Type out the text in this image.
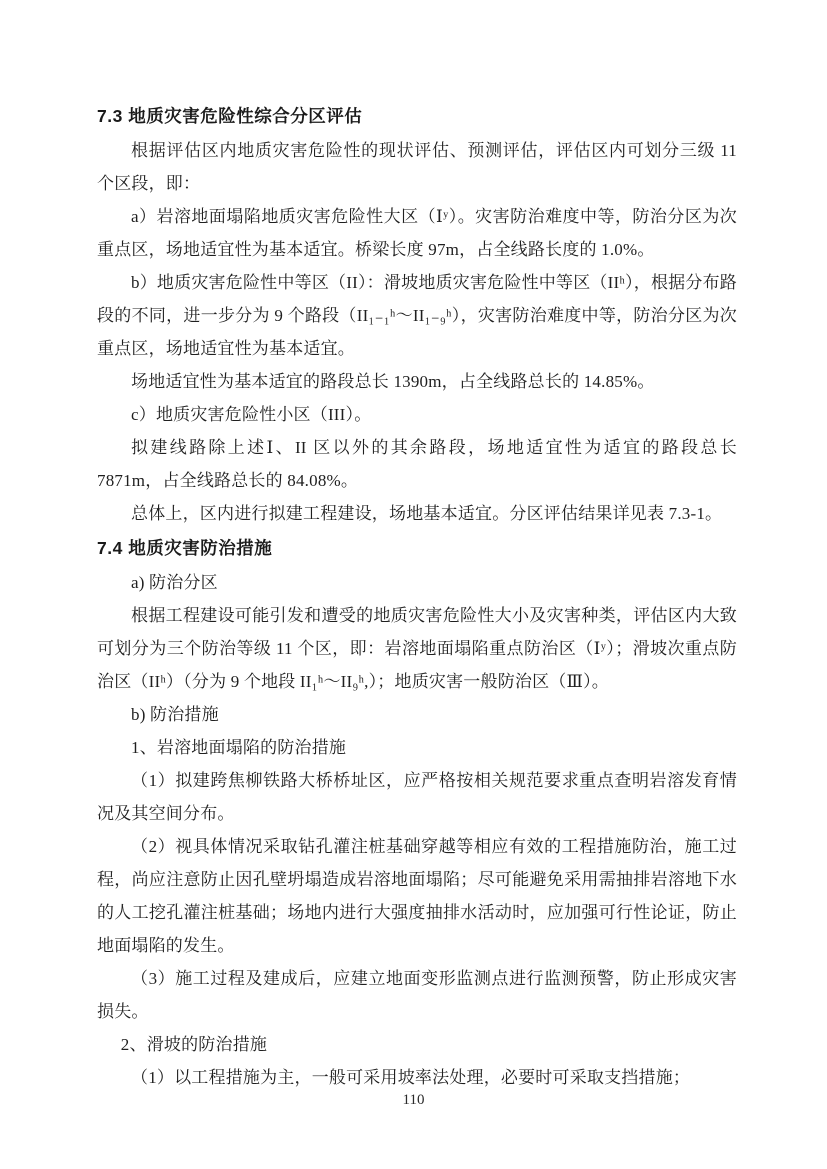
7.3 地质灾害危险性综合分区评估

根据评估区内地质灾害危险性的现状评估、预测评估，评估区内可划分三级 11 个区段，即：

a）岩溶地面塌陷地质灾害危险性大区（Ⅰʸ）。灾害防治难度中等，防治分区为次重点区，场地适宜性为基本适宜。桥梁长度 97m，占全线路长度的 1.0%。

b）地质灾害危险性中等区（II）：滑坡地质灾害危险性中等区（IIʰ），根据分布路段的不同，进一步分为 9 个路段（II₁₋₁ʰ～II₁₋₉ʰ），灾害防治难度中等，防治分区为次重点区，场地适宜性为基本适宜。

场地适宜性为基本适宜的路段总长 1390m，占全线路总长的 14.85%。

c）地质灾害危险性小区（III）。

拟建线路除上述Ⅰ、II 区以外的其余路段，场地适宜性为适宜的路段总长 7871m，占全线路总长的 84.08%。

总体上，区内进行拟建工程建设，场地基本适宜。分区评估结果详见表 7.3-1。

7.4 地质灾害防治措施

a) 防治分区

根据工程建设可能引发和遭受的地质灾害危险性大小及灾害种类，评估区内大致可划分为三个防治等级 11 个区，即：岩溶地面塌陷重点防治区（Ⅰʸ）；滑坡次重点防治区（IIʰ）（分为 9 个地段 II₁ʰ～II₉ʰ,）；地质灾害一般防治区（Ⅲ）。

b) 防治措施

1、岩溶地面塌陷的防治措施

（1）拟建跨焦柳铁路大桥桥址区，应严格按相关规范要求重点查明岩溶发育情况及其空间分布。

（2）视具体情况采取钻孔灌注桩基础穿越等相应有效的工程措施防治，施工过程，尚应注意防止因孔壁坍塌造成岩溶地面塌陷；尽可能避免采用需抽排岩溶地下水的人工挖孔灌注桩基础；场地内进行大强度抽排水活动时，应加强可行性论证，防止地面塌陷的发生。

（3）施工过程及建成后，应建立地面变形监测点进行监测预警，防止形成灾害损失。

2、滑坡的防治措施

（1）以工程措施为主，一般可采用坡率法处理，必要时可采取支挡措施；

110
